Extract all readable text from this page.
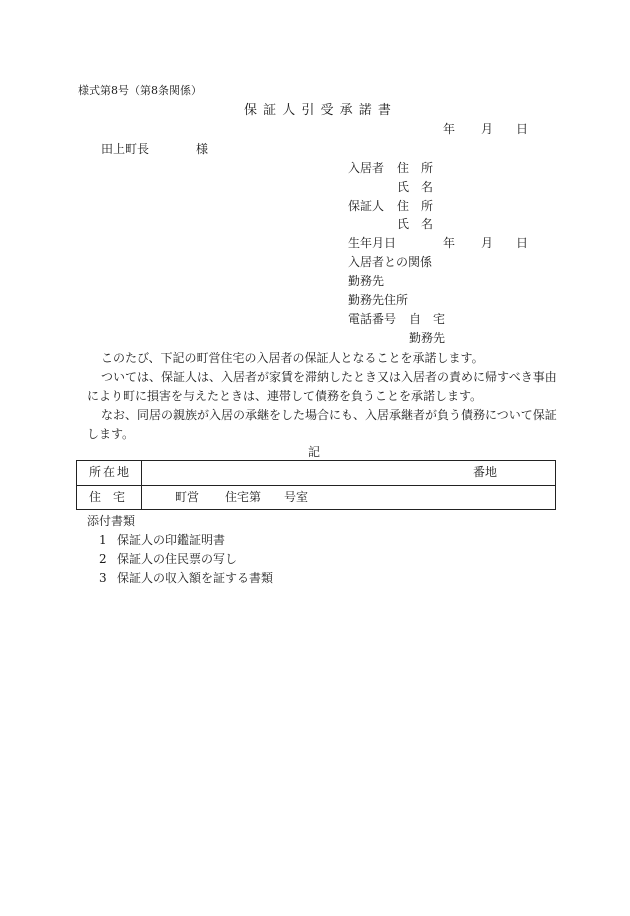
様式第8号（第8条関係）
保 証 人 引 受 承 諾 書
年 月 日
田上町長	様
入居者 住　所
氏　名
保証人 住　所
氏　名
生年月日	年 月 日
入居者との関係
勤務先
勤務先住所
電話番号 自　宅
勤務先
このたび、下記の町営住宅の入居者の保証人となることを承諾します。
ついては、保証人は、入居者が家賃を滞納したとき又は入居者の責めに帰すべき事由
により町に損害を与えたときは、連帯して債務を負うことを承諾します。
なお、同居の親族が入居の承継をした場合にも、入居承継者が負う債務について保証
します。
記
所在地	番地
住　宅	町営 住宅第 号室
添付書類
1 保証人の印鑑証明書
2 保証人の住民票の写し
3 保証人の収入額を証する書類
